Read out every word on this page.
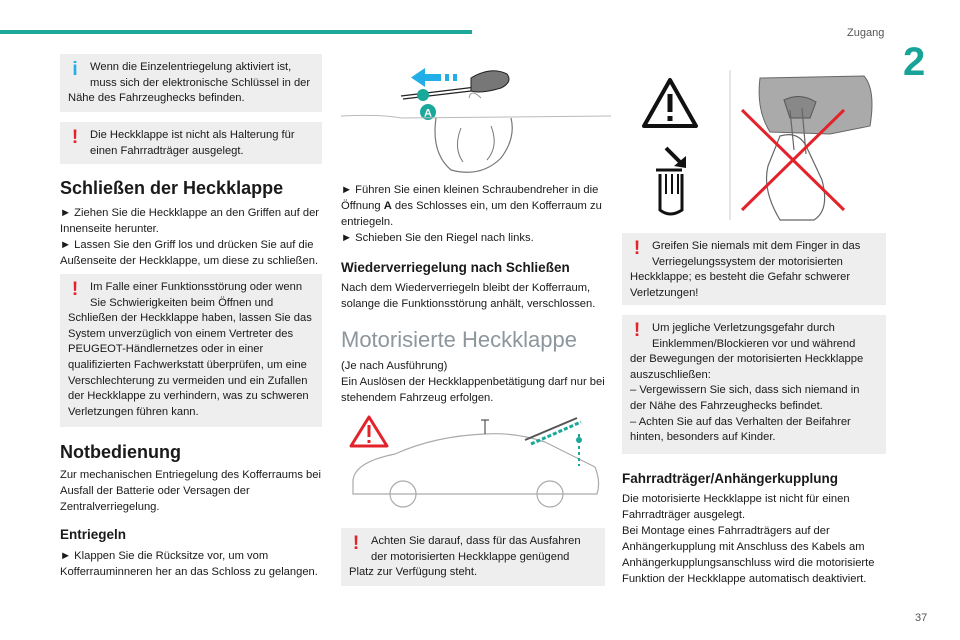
Zugang
2
37
i	Wenn die Einzelentriegelung aktiviert ist,
muss sich der elektronische Schlüssel in der
Nähe des Fahrzeughecks befinden.
!	Die Heckklappe ist nicht als Halterung für
einen Fahrradträger ausgelegt.
Schließen der Heckklappe
► Ziehen Sie die Heckklappe an den Griffen auf der Innenseite herunter.
► Lassen Sie den Griff los und drücken Sie auf die Außenseite der Heckklappe, um diese zu schließen.
!	Im Falle einer Funktionsstörung oder wenn
Sie Schwierigkeiten beim Öffnen und
Schließen der Heckklappe haben, lassen Sie das System unverzüglich von einem Vertreter des PEUGEOT-Händlernetzes oder in einer qualifizierten Fachwerkstatt überprüfen, um eine Verschlechterung zu vermeiden und ein Zufallen der Heckklappe zu verhindern, was zu schweren Verletzungen führen kann.
Notbedienung
Zur mechanischen Entriegelung des Kofferraums bei Ausfall der Batterie oder Versagen der Zentralverriegelung.
Entriegeln
► Klappen Sie die Rücksitze vor, um vom Kofferrauminneren her an das Schloss zu gelangen.
A
► Führen Sie einen kleinen Schraubendreher in die Öffnung A des Schlosses ein, um den Kofferraum zu entriegeln.
► Schieben Sie den Riegel nach links.
Wiederverriegelung nach Schließen
Nach dem Wiederverriegeln bleibt der Kofferraum, solange die Funktionsstörung anhält, verschlossen.
Motorisierte Heckklappe
(Je nach Ausführung)
Ein Auslösen der Heckklappenbetätigung darf nur bei stehendem Fahrzeug erfolgen.
!	Achten Sie darauf, dass für das Ausfahren
der motorisierten Heckklappe genügend
Platz zur Verfügung steht.
!	Greifen Sie niemals mit dem Finger in das
Verriegelungssystem der motorisierten
Heckklappe; es besteht die Gefahr schwerer Verletzungen!
!	Um jegliche Verletzungsgefahr durch
Einklemmen/Blockieren vor und während
der Bewegungen der motorisierten Heckklappe auszuschließen:
– Vergewissern Sie sich, dass sich niemand in der Nähe des Fahrzeughecks befindet.
– Achten Sie auf das Verhalten der Beifahrer hinten, besonders auf Kinder.
Fahrradträger/Anhängerkupplung
Die motorisierte Heckklappe ist nicht für einen Fahrradträger ausgelegt.
Bei Montage eines Fahrradträgers auf der Anhängerkupplung mit Anschluss des Kabels am Anhängerkupplungsanschluss wird die motorisierte Funktion der Heckklappe automatisch deaktiviert.
